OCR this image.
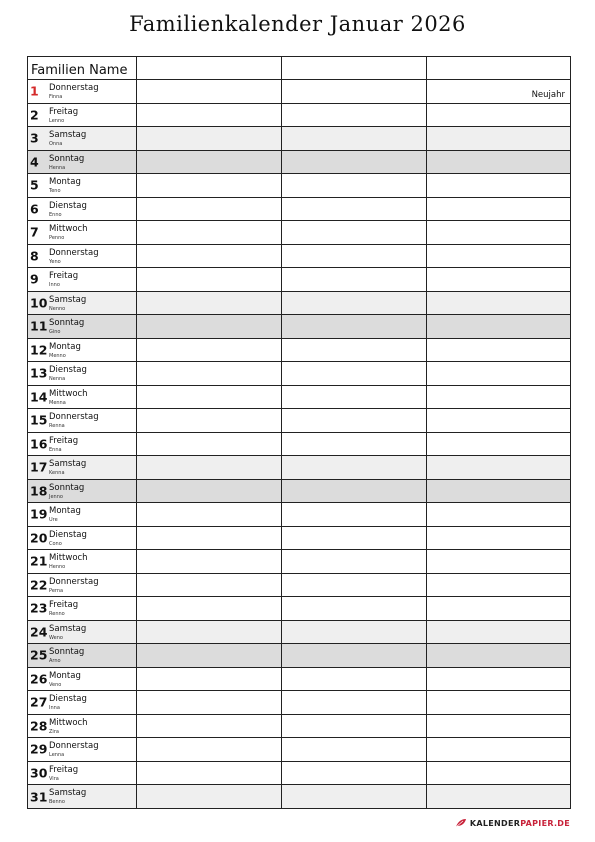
Familienkalender Januar 2026
Familien Name			

1 Donnerstag
Finna			Neujahr

2 Freitag
Lenno			

3 Samstag
Onna			

4 Sonntag
Henna			

5 Montag
Teno			

6 Dienstag
Enno			

7 Mittwoch
Penno			

8 Donnerstag
Yeno			

9 Freitag
Inno			

10 Samstag
Nenno			

11 Sonntag
Gino			

12 Montag
Menno			

13 Dienstag
Nenna			

14 Mittwoch
Menna			

15 Donnerstag
Renna			

16 Freitag
Enna			

17 Samstag
Kenna			

18 Sonntag
Jenno			

19 Montag
Ure			

20 Dienstag
Cono			

21 Mittwoch
Henno			

22 Donnerstag
Perna			

23 Freitag
Renno			

24 Samstag
Weno			

25 Sonntag
Arno			

26 Montag
Veno			

27 Dienstag
Inna			

28 Mittwoch
Zira			

29 Donnerstag
Lenna			

30 Freitag
Vira			

31 Samstag
Benno			

KALENDER PAPIER.DE
